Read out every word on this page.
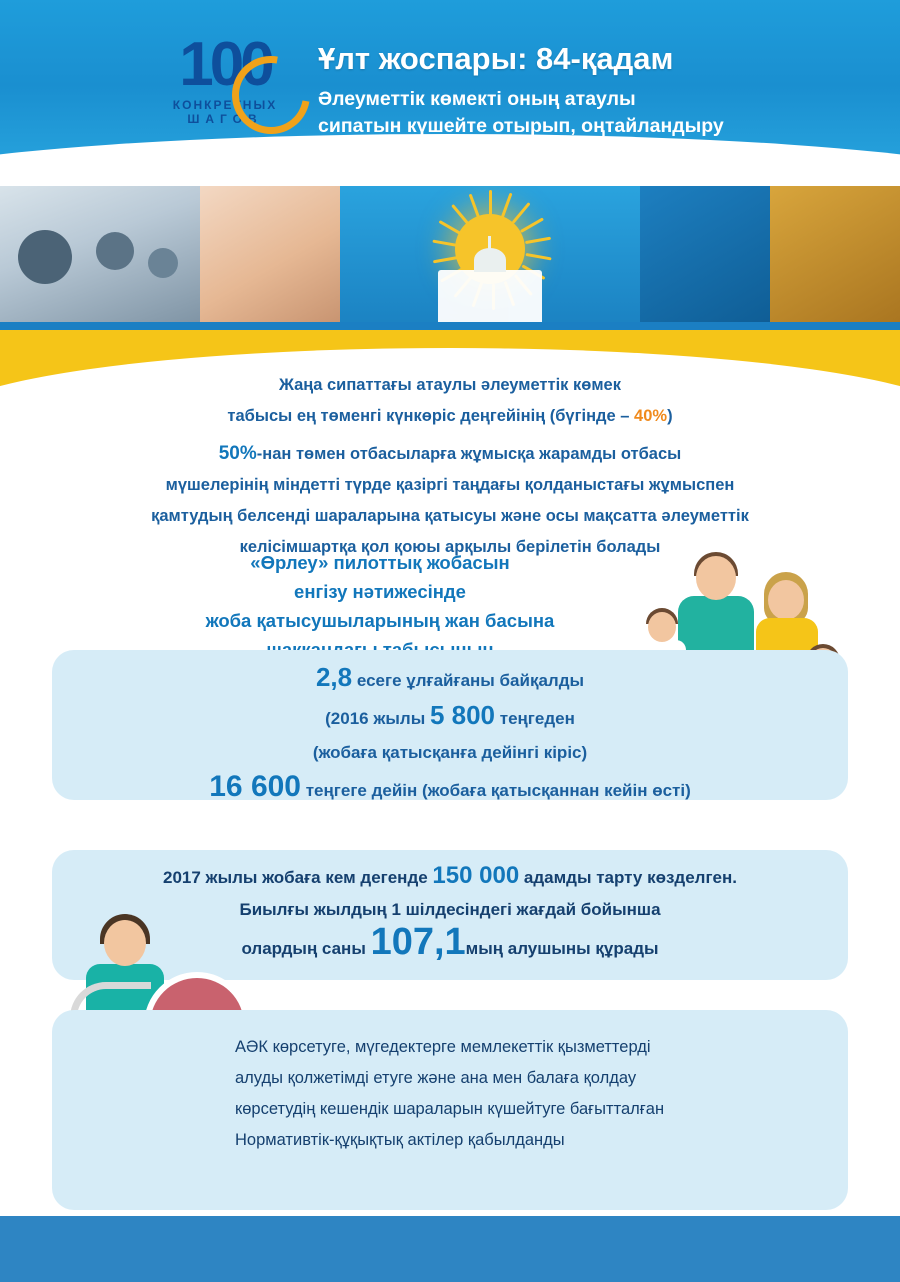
100
КОНКРЕТНЫХ
ШАГОВ
Ұлт жоспары: 84-қадам
Әлеуметтік көмекті оның атаулы
сипатын күшейте отырып, оңтайландыру
Жаңа сипаттағы атаулы әлеуметтік көмек
табысы ең төменгі күнкөріс деңгейінің (бүгінде – 40%)
50%-нан төмен отбасыларға жұмысқа жарамды отбасы
мүшелерінің міндетті түрде қазіргі таңдағы қолданыстағы жұмыспен
қамтудың белсенді шараларына қатысуы және осы мақсатта әлеуметтік
келісімшартқа қол қоюы арқылы берілетін болады
«Өрлеу» пилоттық жобасын
енгізу нәтижесінде
жоба қатысушыларының жан басына
2,8 есеге ұлғайғаны байқалды
(2016 жылы 5 800 теңгеден
(жобаға қатысқанға дейінгі кіріс)
16 600 теңгеге дейін (жобаға қатысқаннан кейін өсті)
2017 жылы жобаға кем дегенде 150 000 адамды тарту көзделген.
Биылғы жылдың 1 шілдесіндегі жағдай бойынша
олардың саны 107,1мың алушыны құрады
АӘК көрсетуге, мүгедектерге мемлекеттік қызметтерді
алуды қолжетімді етуге және ана мен балаға қолдау
көрсетудің кешендік шараларын күшейтуге бағытталған
Нормативтік-құқықтық актілер қабылданды
